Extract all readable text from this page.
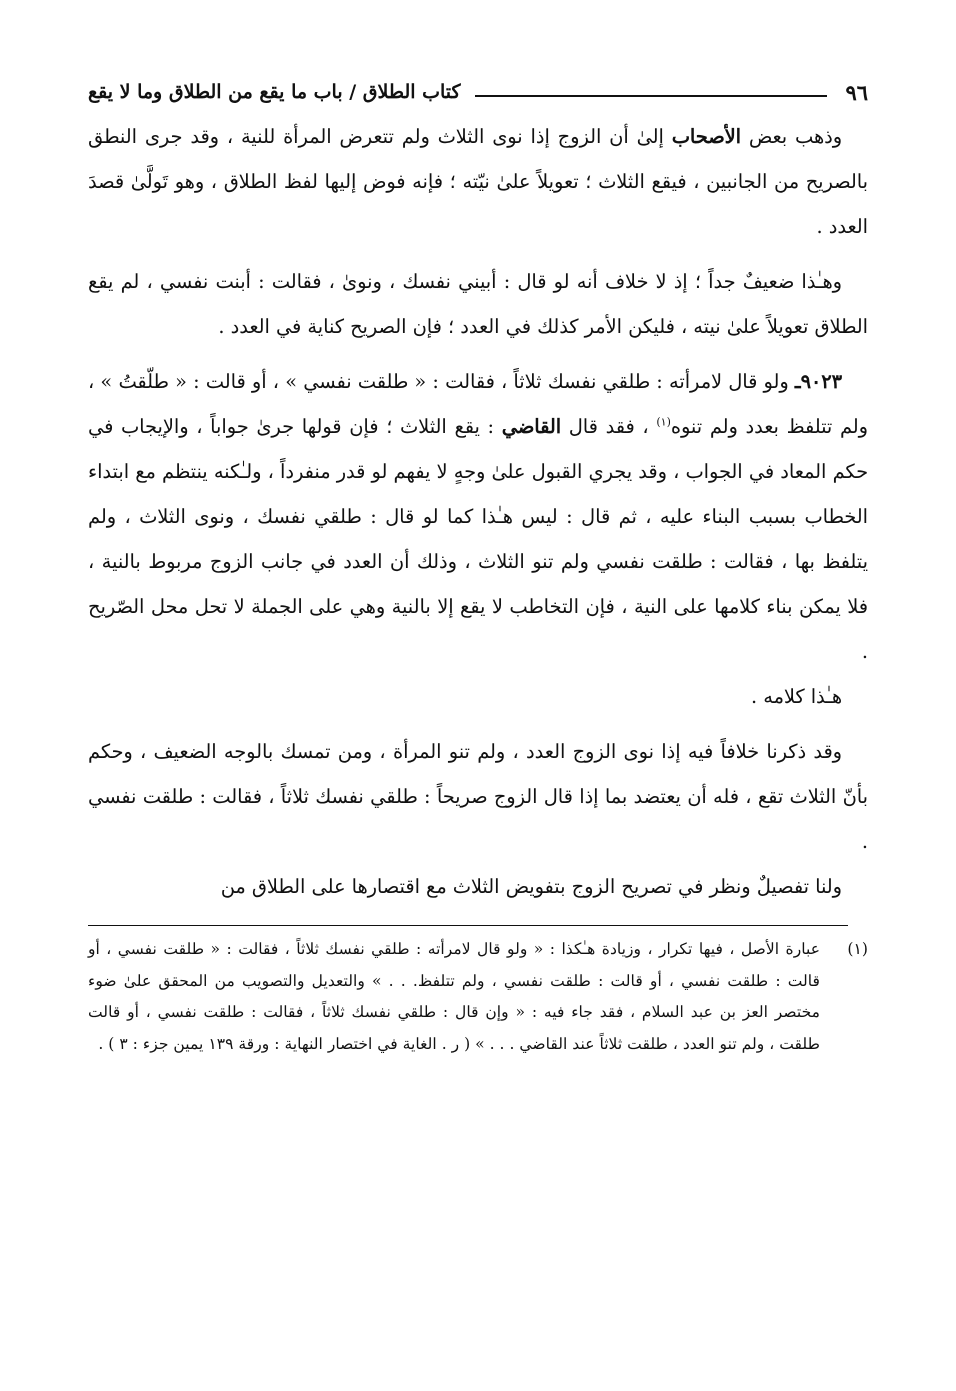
٩٦
كتاب الطلاق / باب ما يقع من الطلاق وما لا يقع

وذهب بعض الأصحاب إلىٰ أن الزوج إذا نوى الثلاث ولم تتعرض المرأة للنية ، وقد جرى النطق بالصريح من الجانبين ، فيقع الثلاث ؛ تعويلاً علىٰ نيّته ؛ فإنه فوض إليها لفظ الطلاق ، وهو تَولَّىٰ قصدَ العدد .

وهـٰذا ضعيفٌ جداً ؛ إذ لا خلاف أنه لو قال : أبيني نفسك ، ونوىٰ ، فقالت : أبنت نفسي ، لم يقع الطلاق تعويلاً علىٰ نيته ، فليكن الأمر كذلك في العدد ؛ فإن الصريح كناية في العدد .

٩٠٢٣ـ ولو قال لامرأته : طلقي نفسك ثلاثاً ، فقالت : « طلقت نفسي » ، أو قالت : « طلّقتُ » ، ولم تتلفظ بعدد ولم تنوه$^{(١)}$ ، فقد قال القاضي : يقع الثلاث ؛ فإن قولها جرىٰ جواباً ، والإيجاب في حكم المعاد في الجواب ، وقد يجري القبول علىٰ وجهٍ لا يفهم لو قدر منفرداً ، ولـٰكنه ينتظم مع ابتداء الخطاب بسبب البناء عليه ، ثم قال : ليس هـٰذا كما لو قال : طلقي نفسك ، ونوى الثلاث ، ولم يتلفظ بها ، فقالت : طلقت نفسي ولم تنو الثلاث ، وذلك أن العدد في جانب الزوج مربوط بالنية ، فلا يمكن بناء كلامها على النية ، فإن التخاطب لا يقع إلا بالنية وهي على الجملة لا تحل محل الصّريح .

هـٰذا كلامه .

وقد ذكرنا خلافاً فيه إذا نوى الزوج العدد ، ولم تنو المرأة ، ومن تمسك بالوجه الضعيف ، وحكم بأنّ الثلاث تقع ، فله أن يعتضد بما إذا قال الزوج صريحاً : طلقي نفسك ثلاثاً ، فقالت : طلقت نفسي .

ولنا تفصيلٌ ونظر في تصريح الزوج بتفويض الثلاث مع اقتصارها على الطلاق من

(١)
عبارة الأصل ، فيها تكرار ، وزيادة هـٰكذا : « ولو قال لامرأته : طلقي نفسك ثلاثاً ، فقالت : « طلقت نفسي ، أو قالت : طلقت نفسي ، أو قالت : طلقت نفسي ، ولم تتلفظ. . . » والتعديل والتصويب من المحقق علىٰ ضوء مختصر العز بن عبد السلام ، فقد جاء فيه : « وإن قال : طلقي نفسك ثلاثاً ، فقالت : طلقت نفسي ، أو قالت طلقت ، ولم تنو العدد ، طلقت ثلاثاً عند القاضي . . . » ( ر . الغاية في اختصار النهاية : ورقة ١٣٩ يمين جزء : ٣ ) .
